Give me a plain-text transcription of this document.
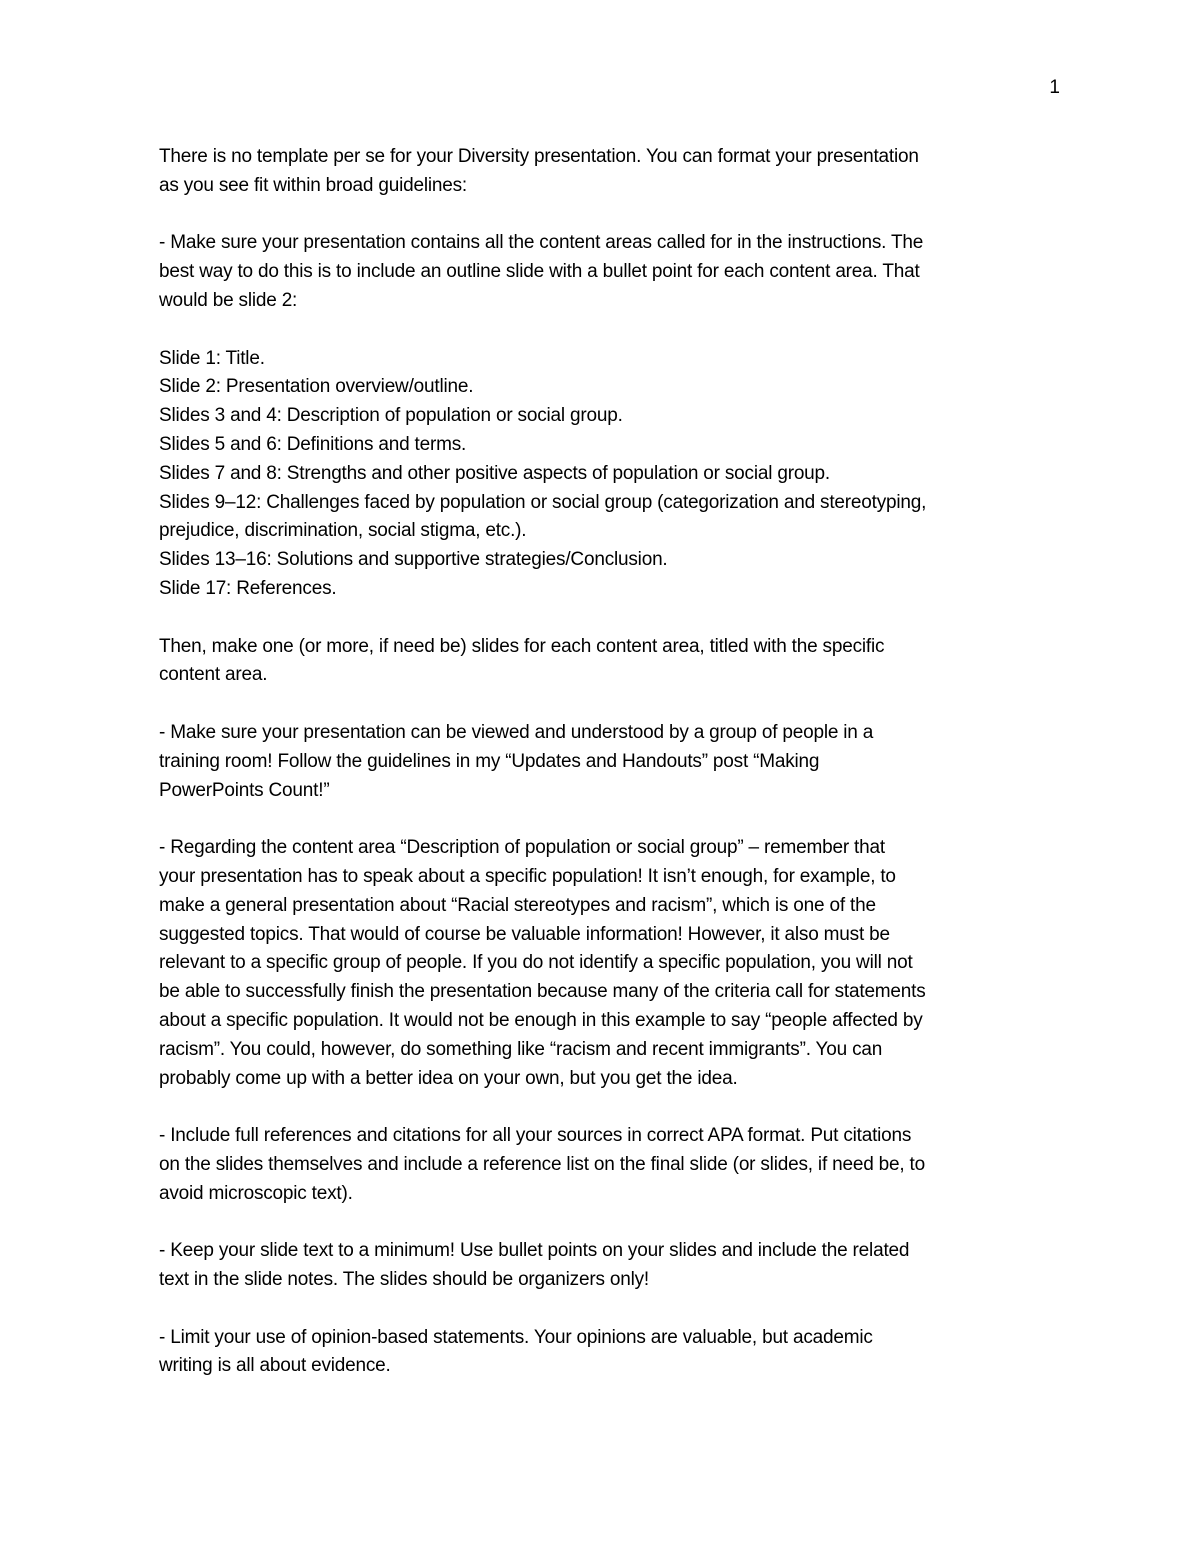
1

There is no template per se for your Diversity presentation. You can format your presentation

as you see fit within broad guidelines:

- Make sure your presentation contains all the content areas called for in the instructions. The

best way to do this is to include an outline slide with a bullet point for each content area. That

would be slide 2:

Slide 1: Title.

Slide 2: Presentation overview/outline.

Slides 3 and 4: Description of population or social group.

Slides 5 and 6: Definitions and terms.

Slides 7 and 8: Strengths and other positive aspects of population or social group.

Slides 9–12: Challenges faced by population or social group (categorization and stereotyping,

prejudice, discrimination, social stigma, etc.).

Slides 13–16: Solutions and supportive strategies/Conclusion.

Slide 17: References.

Then, make one (or more, if need be) slides for each content area, titled with the specific

content area.

- Make sure your presentation can be viewed and understood by a group of people in a

training room! Follow the guidelines in my “Updates and Handouts” post “Making

PowerPoints Count!”

- Regarding the content area “Description of population or social group” – remember that

your presentation has to speak about a specific population! It isn’t enough, for example, to

make a general presentation about “Racial stereotypes and racism”, which is one of the

suggested topics. That would of course be valuable information! However, it also must be

relevant to a specific group of people. If you do not identify a specific population, you will not

be able to successfully finish the presentation because many of the criteria call for statements

about a specific population. It would not be enough in this example to say “people affected by

racism”. You could, however, do something like “racism and recent immigrants”. You can

probably come up with a better idea on your own, but you get the idea.

- Include full references and citations for all your sources in correct APA format. Put citations

on the slides themselves and include a reference list on the final slide (or slides, if need be, to

avoid microscopic text).

- Keep your slide text to a minimum! Use bullet points on your slides and include the related

text in the slide notes. The slides should be organizers only!

- Limit your use of opinion-based statements. Your opinions are valuable, but academic

writing is all about evidence.
